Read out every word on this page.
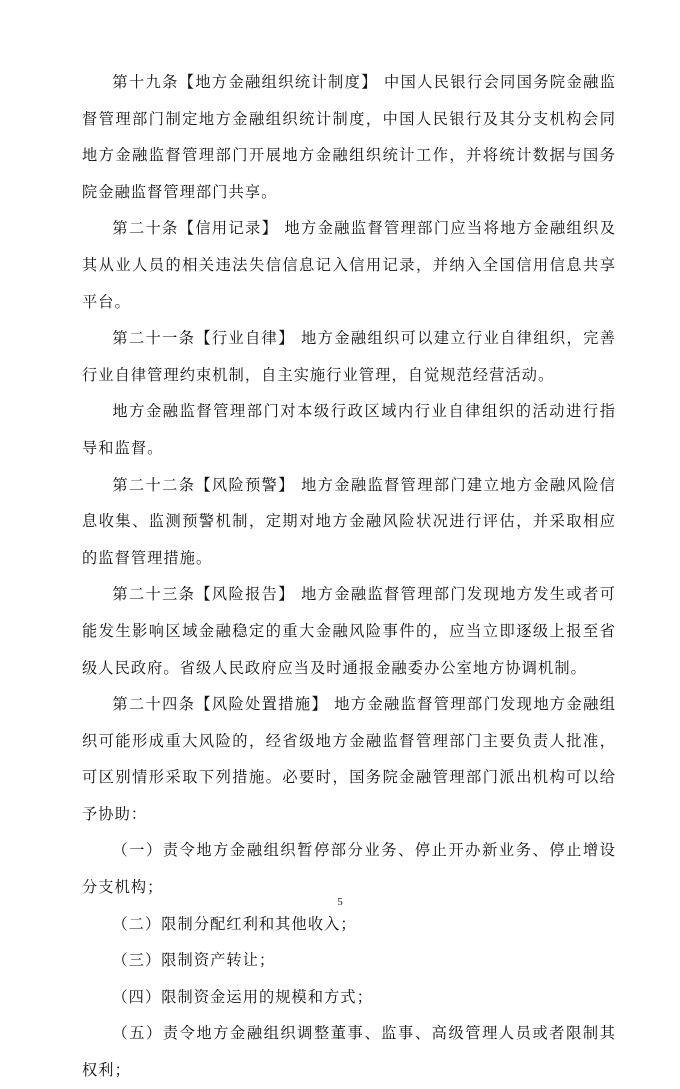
第十九条【地方金融组织统计制度】 中国人民银行会同国务院金融监督管理部门制定地方金融组织统计制度，中国人民银行及其分支机构会同地方金融监督管理部门开展地方金融组织统计工作，并将统计数据与国务院金融监督管理部门共享。

第二十条【信用记录】 地方金融监督管理部门应当将地方金融组织及其从业人员的相关违法失信信息记入信用记录，并纳入全国信用信息共享平台。

第二十一条【行业自律】 地方金融组织可以建立行业自律组织，完善行业自律管理约束机制，自主实施行业管理，自觉规范经营活动。

地方金融监督管理部门对本级行政区域内行业自律组织的活动进行指导和监督。

第二十二条【风险预警】 地方金融监督管理部门建立地方金融风险信息收集、监测预警机制，定期对地方金融风险状况进行评估，并采取相应的监督管理措施。

第二十三条【风险报告】 地方金融监督管理部门发现地方发生或者可能发生影响区域金融稳定的重大金融风险事件的，应当立即逐级上报至省级人民政府。省级人民政府应当及时通报金融委办公室地方协调机制。

第二十四条【风险处置措施】 地方金融监督管理部门发现地方金融组织可能形成重大风险的，经省级地方金融监督管理部门主要负责人批准，可区别情形采取下列措施。必要时，国务院金融管理部门派出机构可以给予协助：

（一）责令地方金融组织暂停部分业务、停止开办新业务、停止增设分支机构；

（二）限制分配红利和其他收入；

（三）限制资产转让；

（四）限制资金运用的规模和方式；

（五）责令地方金融组织调整董事、监事、高级管理人员或者限制其权利；

5
